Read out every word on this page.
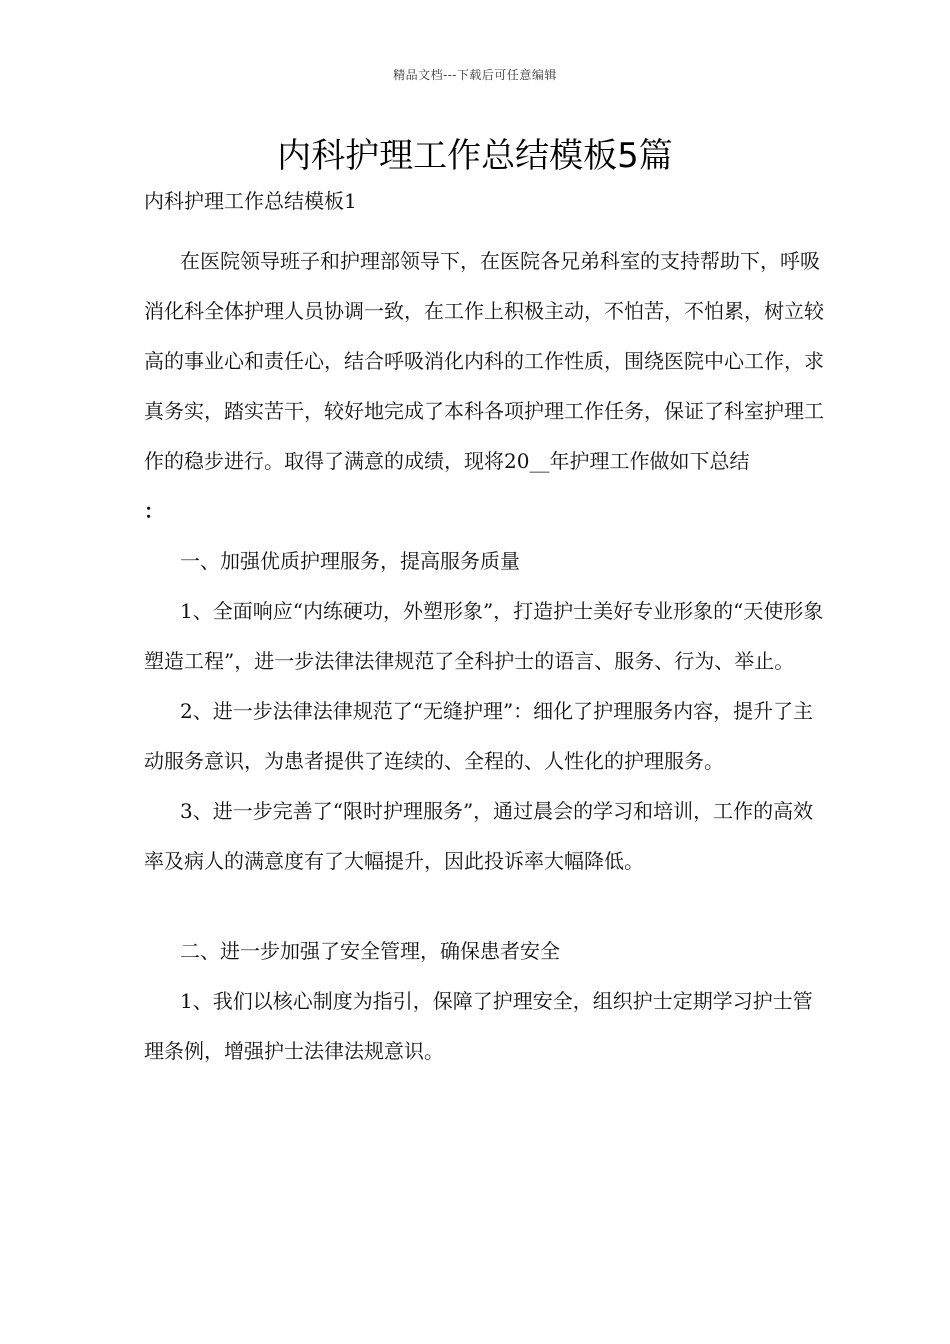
精品文档---下载后可任意编辑
内科护理工作总结模板5篇

内科护理工作总结模板1

在医院领导班子和护理部领导下，在医院各兄弟科室的支持帮助下，呼吸消化科全体护理人员协调一致，在工作上积极主动，不怕苦，不怕累，树立较高的事业心和责任心，结合呼吸消化内科的工作性质，围绕医院中心工作，求真务实，踏实苦干，较好地完成了本科各项护理工作任务，保证了科室护理工作的稳步进行。取得了满意的成绩，现将20__年护理工作做如下总结

：

一、加强优质护理服务，提高服务质量

1、全面响应“内练硬功，外塑形象”，打造护士美好专业形象的“天使形象塑造工程”，进一步法律法律规范了全科护士的语言、服务、行为、举止。

2、进一步法律法律规范了“无缝护理”：细化了护理服务内容，提升了主动服务意识，为患者提供了连续的、全程的、人性化的护理服务。

3、进一步完善了“限时护理服务”，通过晨会的学习和培训，工作的高效率及病人的满意度有了大幅提升，因此投诉率大幅降低。

二、进一步加强了安全管理，确保患者安全

1、我们以核心制度为指引，保障了护理安全，组织护士定期学习护士管理条例，增强护士法律法规意识。
